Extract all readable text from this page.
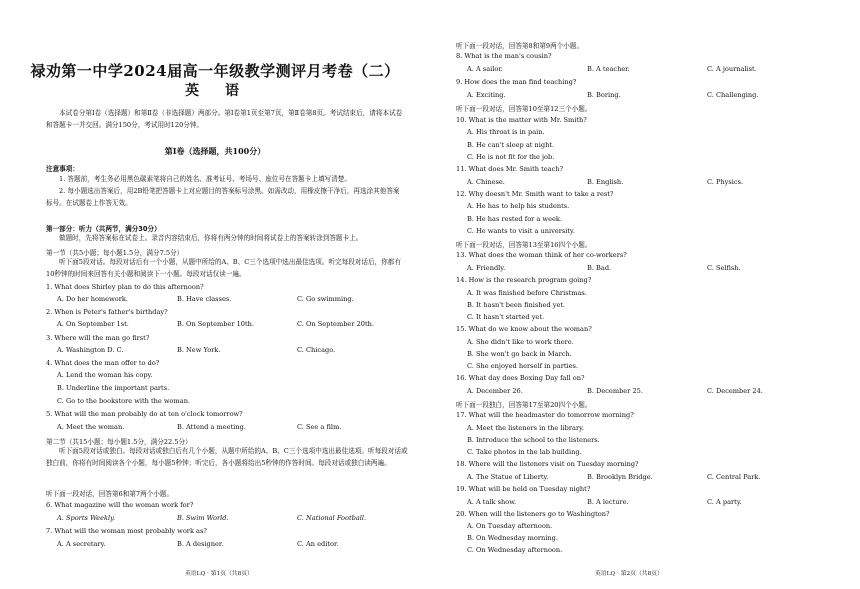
禄劝第一中学2024届高一年级教学测评月考卷（二）
英　语
本试卷分第Ⅰ卷（选择题）和第Ⅱ卷（非选择题）两部分。第Ⅰ卷第1页至第7页，第Ⅱ卷第8页。考试结束后，请将本试卷和答题卡一并交回。满分150分，考试用时120分钟。
第Ⅰ卷（选择题，共100分）
注意事项：
1. 答题前，考生务必用黑色碳素笔将自己的姓名、准考证号、考场号、座位号在答题卡上填写清楚。
2. 每小题选出答案后，用2B铅笔把答题卡上对应题目的答案标号涂黑。如需改动，用橡皮擦干净后，再选涂其他答案标号。在试题卷上作答无效。
第一部分：听力（共两节，满分30分）
做题时，先将答案标在试卷上。录音内容结束后，你将有两分钟的时间将试卷上的答案转涂到答题卡上。
第一节（共5小题；每小题1.5分，满分7.5分）
听下面5段对话。每段对话后有一个小题，从题中所给的A、B、C三个选项中选出最佳选项。听完每段对话后，你都有10秒钟的时间来回答有关小题和阅读下一小题。每段对话仅读一遍。
1. What does Shirley plan to do this afternoon?
A. Do her homework.	B. Have classes.	C. Go swimming.
2. When is Peter's father's birthday?
A. On September 1st.	B. On September 10th.	C. On September 20th.
3. Where will the man go first?
A. Washington D. C.	B. New York.	C. Chicago.
4. What does the man offer to do?
A. Lend the woman his copy.
B. Underline the important parts.
C. Go to the bookstore with the woman.
5. What will the man probably do at ten o'clock tomorrow?
A. Meet the woman.	B. Attend a meeting.	C. See a film.
第二节（共15小题；每小题1.5分，满分22.5分）
听下面5段对话或独白。每段对话或独白后有几个小题，从题中所给的A、B、C三个选项中选出最佳选项。听每段对话或独白前，你将有时间阅读各个小题，每小题5秒钟；听完后，各小题将给出5秒钟的作答时间。每段对话或独白读两遍。
听下面一段对话，回答第6和第7两个小题。
6. What magazine will the woman work for?
A. Sports Weekly.	B. Swim World.	C. National Football.
7. What will the woman most probably work as?
A. A secretary.	B. A designer.	C. An editor.
英语LQ · 第1页（共8页）
听下面一段对话，回答第8和第9两个小题。
8. What is the man's cousin?
A. A sailor.	B. A teacher.	C. A journalist.
9. How does the man find teaching?
A. Exciting.	B. Boring.	C. Challenging.
听下面一段对话，回答第10至第12三个小题。
10. What is the matter with Mr. Smith?
A. His throat is in pain.
B. He can't sleep at night.
C. He is not fit for the job.
11. What does Mr. Smith teach?
A. Chinese.	B. English.	C. Physics.
12. Why doesn't Mr. Smith want to take a rest?
A. He has to help his students.
B. He has rested for a week.
C. He wants to visit a university.
听下面一段对话，回答第13至第16四个小题。
13. What does the woman think of her co-workers?
A. Friendly.	B. Bad.	C. Selfish.
14. How is the research program going?
A. It was finished before Christmas.
B. It hasn't been finished yet.
C. It hasn't started yet.
15. What do we know about the woman?
A. She didn't like to work there.
B. She won't go back in March.
C. She enjoyed herself in parties.
16. What day does Boxing Day fall on?
A. December 26.	B. December 25.	C. December 24.
听下面一段独白，回答第17至第20四个小题。
17. What will the headmaster do tomorrow morning?
A. Meet the listeners in the library.
B. Introduce the school to the listeners.
C. Take photos in the lab building.
18. Where will the listeners visit on Tuesday morning?
A. The Statue of Liberty.	B. Brooklyn Bridge.	C. Central Park.
19. What will be held on Tuesday night?
A. A talk show.	B. A lecture.	C. A party.
20. When will the listeners go to Washington?
A. On Tuesday afternoon.
B. On Wednesday morning.
C. On Wednesday afternoon.
英语LQ · 第2页（共8页）
